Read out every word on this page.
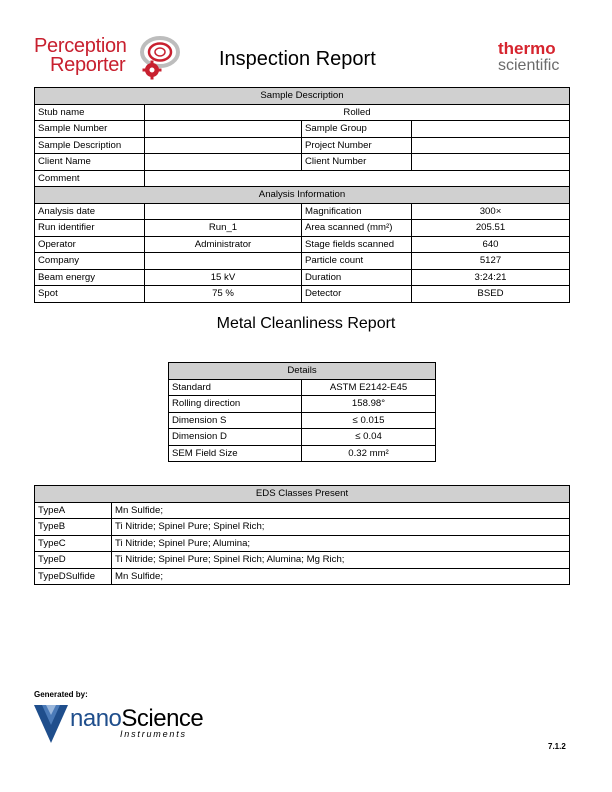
Perception
Reporter	Inspection Report	thermo
scientific
Sample Description			
Stub name	Rolled		
Sample Number		Sample Group	
Sample Description		Project Number	
Client Name		Client Number	
Comment			
Analysis Information			
Analysis date		Magnification	300×
Run identifier	Run_1	Area scanned (mm²)	205.51
Operator	Administrator	Stage fields scanned	640
Company		Particle count	5127
Beam energy	15 kV	Duration	3:24:21
Spot	75 %	Detector	BSED
Metal Cleanliness Report
Details	
Standard	ASTM E2142-E45
Rolling direction	158.98°
Dimension S	≤ 0.015
Dimension D	≤ 0.04
SEM Field Size	0.32 mm²
EDS Classes Present	
TypeA	Mn Sulfide;
TypeB	Ti Nitride; Spinel Pure; Spinel Rich;
TypeC	Ti Nitride; Spinel Pure; Alumina;
TypeD	Ti Nitride; Spinel Pure; Spinel Rich; Alumina; Mg Rich;
TypeDSulfide	Mn Sulfide;
Generated by:
nanoScience
Instruments
7.1.2
